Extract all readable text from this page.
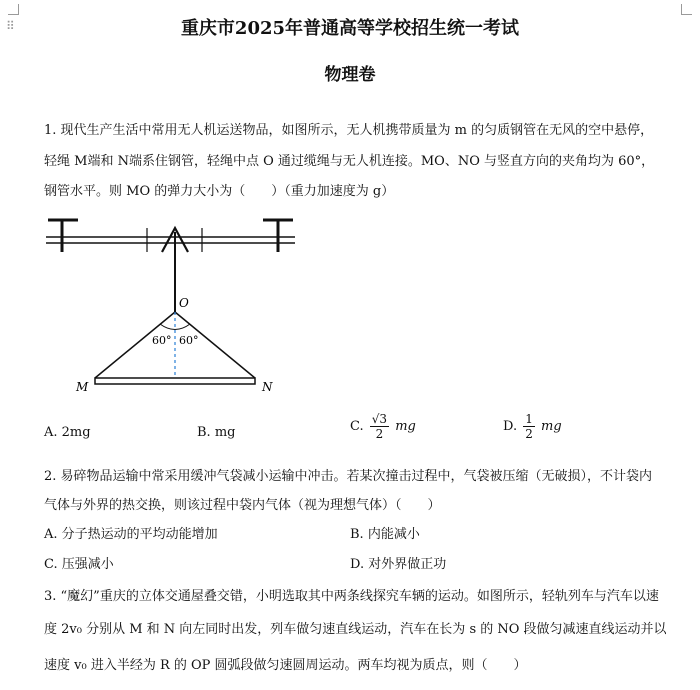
⠿	重庆市2025年普通高等学校招生统一考试
物理卷
1. 现代生产生活中常用无人机运送物品，如图所示，无人机携带质量为 m 的匀质钢管在无风的空中悬停，
轻绳 M端和 N端系住钢管，轻绳中点 O 通过缆绳与无人机连接。MO、NO 与竖直方向的夹角均为 60°，
钢管水平。则 MO 的弹力大小为（　　）（重力加速度为 g）
O
60° 60°
M	N
A. 2mg	B. mg	C. $\frac{√3}{2}$ mg	D. $\frac{1}{2}$ mg
2. 易碎物品运输中常采用缓冲气袋减小运输中冲击。若某次撞击过程中，气袋被压缩（无破损），不计袋内
气体与外界的热交换，则该过程中袋内气体（视为理想气体）（　　）
A. 分子热运动的平均动能增加	B. 内能减小
C. 压强减小	D. 对外界做正功
3. “魔幻”重庆的立体交通屋叠交错，小明选取其中两条线探究车辆的运动。如图所示，轻轨列车与汽车以速
度 2v₀ 分别从 M 和 N 向左同时出发，列车做匀速直线运动，汽车在长为 s 的 NO 段做匀减速直线运动并以
速度 v₀ 进入半经为 R 的 OP 圆弧段做匀速圆周运动。两车均视为质点，则（　　）
